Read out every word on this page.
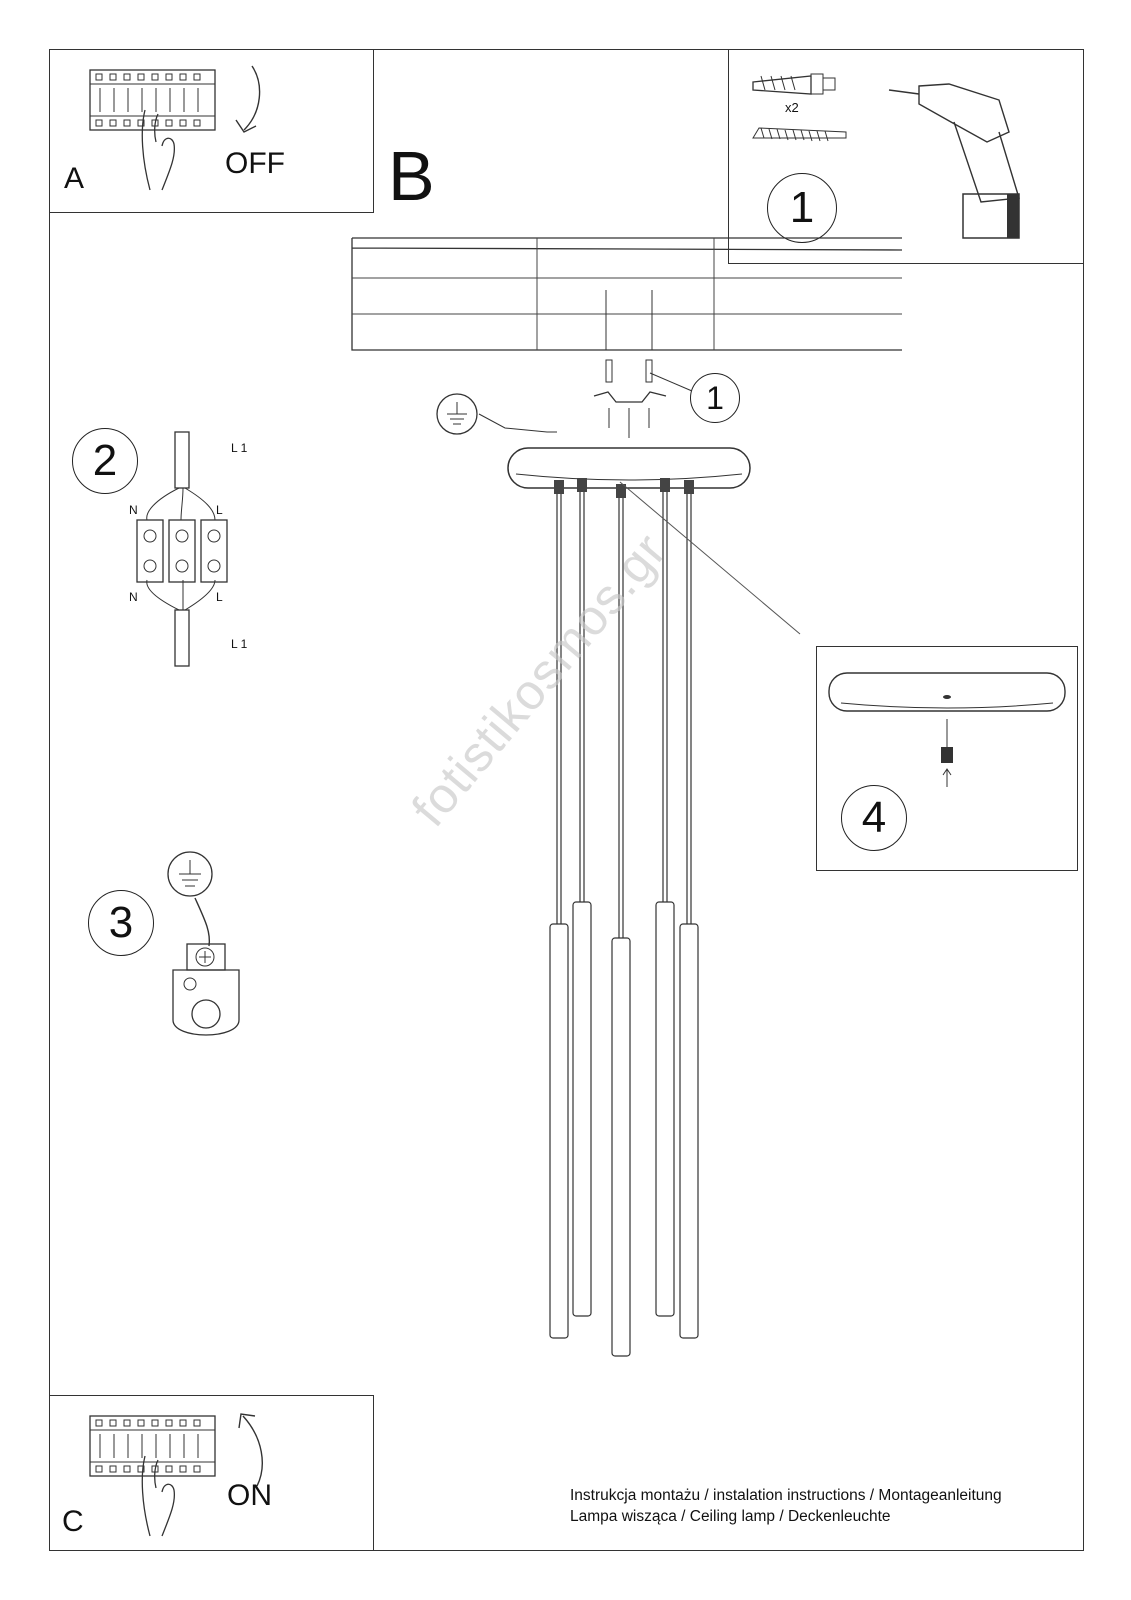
OFF
A	B
x2
1
1
fotistikosmos.gr	4
2	L 1
N	L
N	L
L 1
3
ON
C
Instrukcja montażu / instalation instructions / Montageanleitung
Lampa wisząca / Ceiling lamp / Deckenleuchte
